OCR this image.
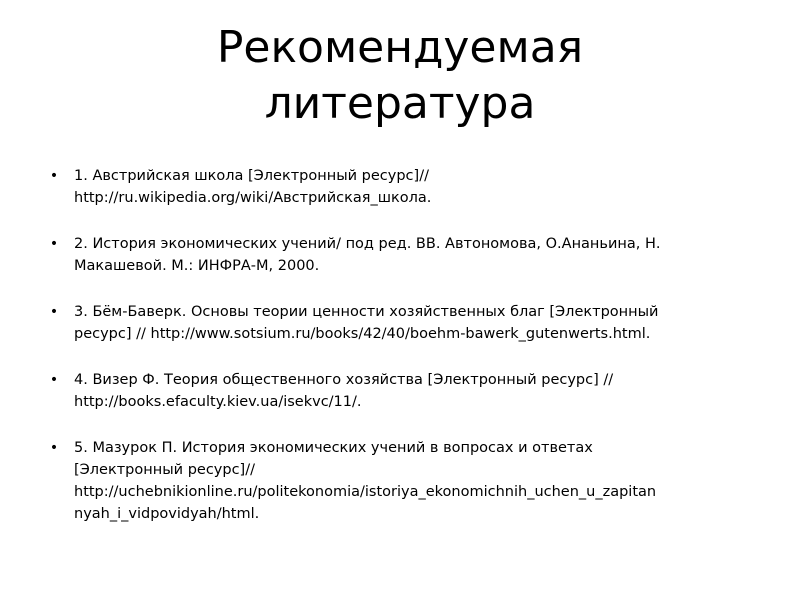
Рекомендуемая
литература
• 1. Австрийская школа [Электронный ресурс]//
http://ru.wikipedia.org/wiki/Австрийская_школа.
• 2. История экономических учений/ под ред. ВВ. Автономова, О.Ананьина, Н.
Макашевой. М.: ИНФРА-М, 2000.
• 3. Бём-Баверк. Основы теории ценности хозяйственных благ [Электронный
ресурс] // http://www.sotsium.ru/books/42/40/boehm-bawerk_gutenwerts.html.
• 4. Визер Ф. Теория общественного хозяйства [Электронный ресурс] //
http://books.efaculty.kiev.ua/isekvc/11/.
• 5. Мазурок П. История экономических учений в вопросах и ответах
[Электронный ресурс]//
http://uchebnikionline.ru/politekonomia/istoriya_ekonomichnih_uchen_u_zapitan
nyah_i_vidpovidyah/html.
